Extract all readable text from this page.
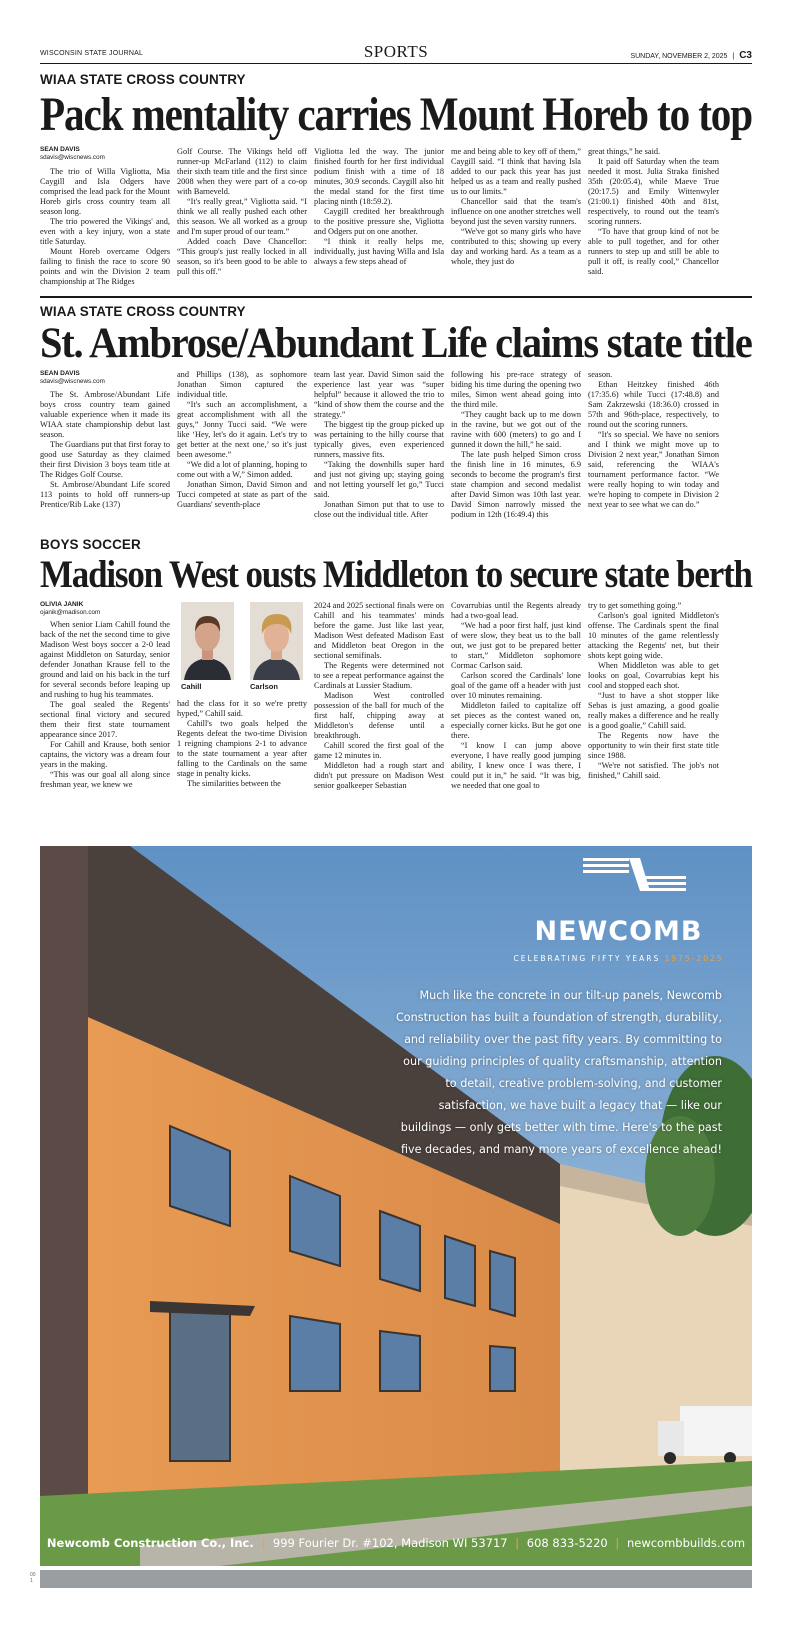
WISCONSIN STATE JOURNAL	SPORTS	SUNDAY, NOVEMBER 2, 2025 | C3
WIAA STATE CROSS COUNTRY
Pack mentality carries Mount Horeb to top
SEAN DAVIS
sdavis@wiscnews.com

The trio of Willa Vigliotta, Mia Caygill and Isla Odgers have comprised the lead pack for the Mount Horeb girls cross country team all season long.

The trio powered the Vikings' and, even with a key injury, won a state title Saturday.

Mount Horeb overcame Odgers failing to finish the race to score 90 points and win the Division 2 team championship at The Ridges

Golf Course. The Vikings held off runner-up McFarland (112) to claim their sixth team title and the first since 2008 when they were part of a co-op with Barneveld.

“It's really great,” Vigliotta said. “I think we all really pushed each other this season. We all worked as a group and I'm super proud of our team.”

Added coach Dave Chancellor: “This group's just really locked in all season, so it's been good to be able to pull this off.”

Vigliotta led the way. The junior finished fourth for her first individual podium finish with a time of 18 minutes, 30.9 seconds. Caygill also hit the medal stand for the first time placing ninth (18:59.2).

Caygill credited her breakthrough to the positive pressure she, Vigliotta and Odgers put on one another.

“I think it really helps me, individually, just having Willa and Isla always a few steps ahead of

me and being able to key off of them,” Caygill said. “I think that having Isla added to our pack this year has just helped us as a team and really pushed us to our limits.”

Chancellor said that the team's influence on one another stretches well beyond just the seven varsity runners.

“We've got so many girls who have contributed to this; showing up every day and working hard. As a team as a whole, they just do

great things,” he said.

It paid off Saturday when the team needed it most. Julia Straka finished 35th (20:05.4), while Maeve True (20:17.5) and Emily Wittenwyler (21:00.1) finished 40th and 81st, respectively, to round out the team's scoring runners.

“To have that group kind of not be able to pull together, and for other runners to step up and still be able to pull it off, is really cool,” Chancellor said.

WIAA STATE CROSS COUNTRY
St. Ambrose/Abundant Life claims state title
SEAN DAVIS
sdavis@wiscnews.com

The St. Ambrose/Abundant Life boys cross country team gained valuable experience when it made its WIAA state championship debut last season.

The Guardians put that first foray to good use Saturday as they claimed their first Division 3 boys team title at The Ridges Golf Course.

St. Ambrose/Abundant Life scored 113 points to hold off runners-up Prentice/Rib Lake (137)

and Phillips (138), as sophomore Jonathan Simon captured the individual title.

“It's such an accomplishment, a great accomplishment with all the guys,” Jonny Tucci said. “We were like ‘Hey, let's do it again. Let's try to get better at the next one,’ so it's just been awesome.”

“We did a lot of planning, hoping to come out with a W,” Simon added.

Jonathan Simon, David Simon and Tucci competed at state as part of the Guardians' seventh-place

team last year. David Simon said the experience last year was “super helpful” because it allowed the trio to “kind of show them the course and the strategy.”

The biggest tip the group picked up was pertaining to the hilly course that typically gives, even experienced runners, massive fits.

“Taking the downhills super hard and just not giving up; staying going and not letting yourself let go,” Tucci said.

Jonathan Simon put that to use to close out the individual title. After

following his pre-race strategy of biding his time during the opening two miles, Simon went ahead going into the third mile.

“They caught back up to me down in the ravine, but we got out of the ravine with 600 (meters) to go and I gunned it down the hill,” he said.

The late push helped Simon cross the finish line in 16 minutes, 6.9 seconds to become the program's first state champion and second medalist after David Simon was 10th last year. David Simon narrowly missed the podium in 12th (16:49.4) this

season.

Ethan Heitzkey finished 46th (17:35.6) while Tucci (17:48.8) and Sam Zakrzewski (18:36.0) crossed in 57th and 96th-place, respectively, to round out the scoring runners.

“It's so special. We have no seniors and I think we might move up to Division 2 next year,” Jonathan Simon said, referencing the WIAA's tournament performance factor. “We were really hoping to win today and we're hoping to compete in Division 2 next year to see what we can do.”

BOYS SOCCER
Madison West ousts Middleton to secure state berth
OLIVIA JANIK
ojanik@madison.com

When senior Liam Cahill found the back of the net the second time to give Madison West boys soccer a 2-0 lead against Middleton on Saturday, senior defender Jonathan Krause fell to the ground and laid on his back in the turf for several seconds before leaping up and rushing to hug his teammates.

The goal sealed the Regents' sectional final victory and secured them their first state tournament appearance since 2017.

For Cahill and Krause, both senior captains, the victory was a dream four years in the making.

“This was our goal all along since freshman year, we knew we

Cahill	Carlson

had the class for it so we're pretty hyped,” Cahill said.

Cahill's two goals helped the Regents defeat the two-time Division 1 reigning champions 2-1 to advance to the state tournament a year after falling to the Cardinals on the same stage in penalty kicks.

The similarities between the

2024 and 2025 sectional finals were on Cahill and his teammates' minds before the game. Just like last year, Madison West defeated Madison East and Middleton beat Oregon in the sectional semifinals.

The Regents were determined not to see a repeat performance against the Cardinals at Lussier Stadium.

Madison West controlled possession of the ball for much of the first half, chipping away at Middleton's defense until a breakthrough.

Cahill scored the first goal of the game 12 minutes in.

Middleton had a rough start and didn't put pressure on Madison West senior goalkeeper Sebastian

Covarrubias until the Regents already had a two-goal lead.

“We had a poor first half, just kind of were slow, they beat us to the ball out, we just got to be prepared better to start,” Middleton sophomore Cormac Carlson said.

Carlson scored the Cardinals' lone goal of the game off a header with just over 10 minutes remaining.

Middleton failed to capitalize off set pieces as the contest waned on, especially corner kicks. But he got one there.

“I know I can jump above everyone, I have really good jumping ability, I knew once I was there, I could put it in,” he said. “It was big, we needed that one goal to

try to get something going.”

Carlson's goal ignited Middleton's offense. The Cardinals spent the final 10 minutes of the game relentlessly attacking the Regents' net, but their shots kept going wide.

When Middleton was able to get looks on goal, Covarrubias kept his cool and stopped each shot.

“Just to have a shot stopper like Sebas is just amazing, a good goalie really makes a difference and he really is a good goalie,” Cahill said.

The Regents now have the opportunity to win their first state title since 1988.

“We're not satisfied. The job's not finished,” Cahill said.

NEWCOMB
CELEBRATING FIFTY YEARS 1975-2025
Much like the concrete in our tilt-up panels, Newcomb Construction has built a foundation of strength, durability, and reliability over the past fifty years. By committing to our guiding principles of quality craftsmanship, attention to detail, creative problem-solving, and customer satisfaction, we have built a legacy that — like our buildings — only gets better with time. Here's to the past five decades, and many more years of excellence ahead!
Newcomb Construction Co., Inc. | 999 Fourier Dr. #102, Madison WI 53717 | 608 833-5220 | newcombbuilds.com
00
1
